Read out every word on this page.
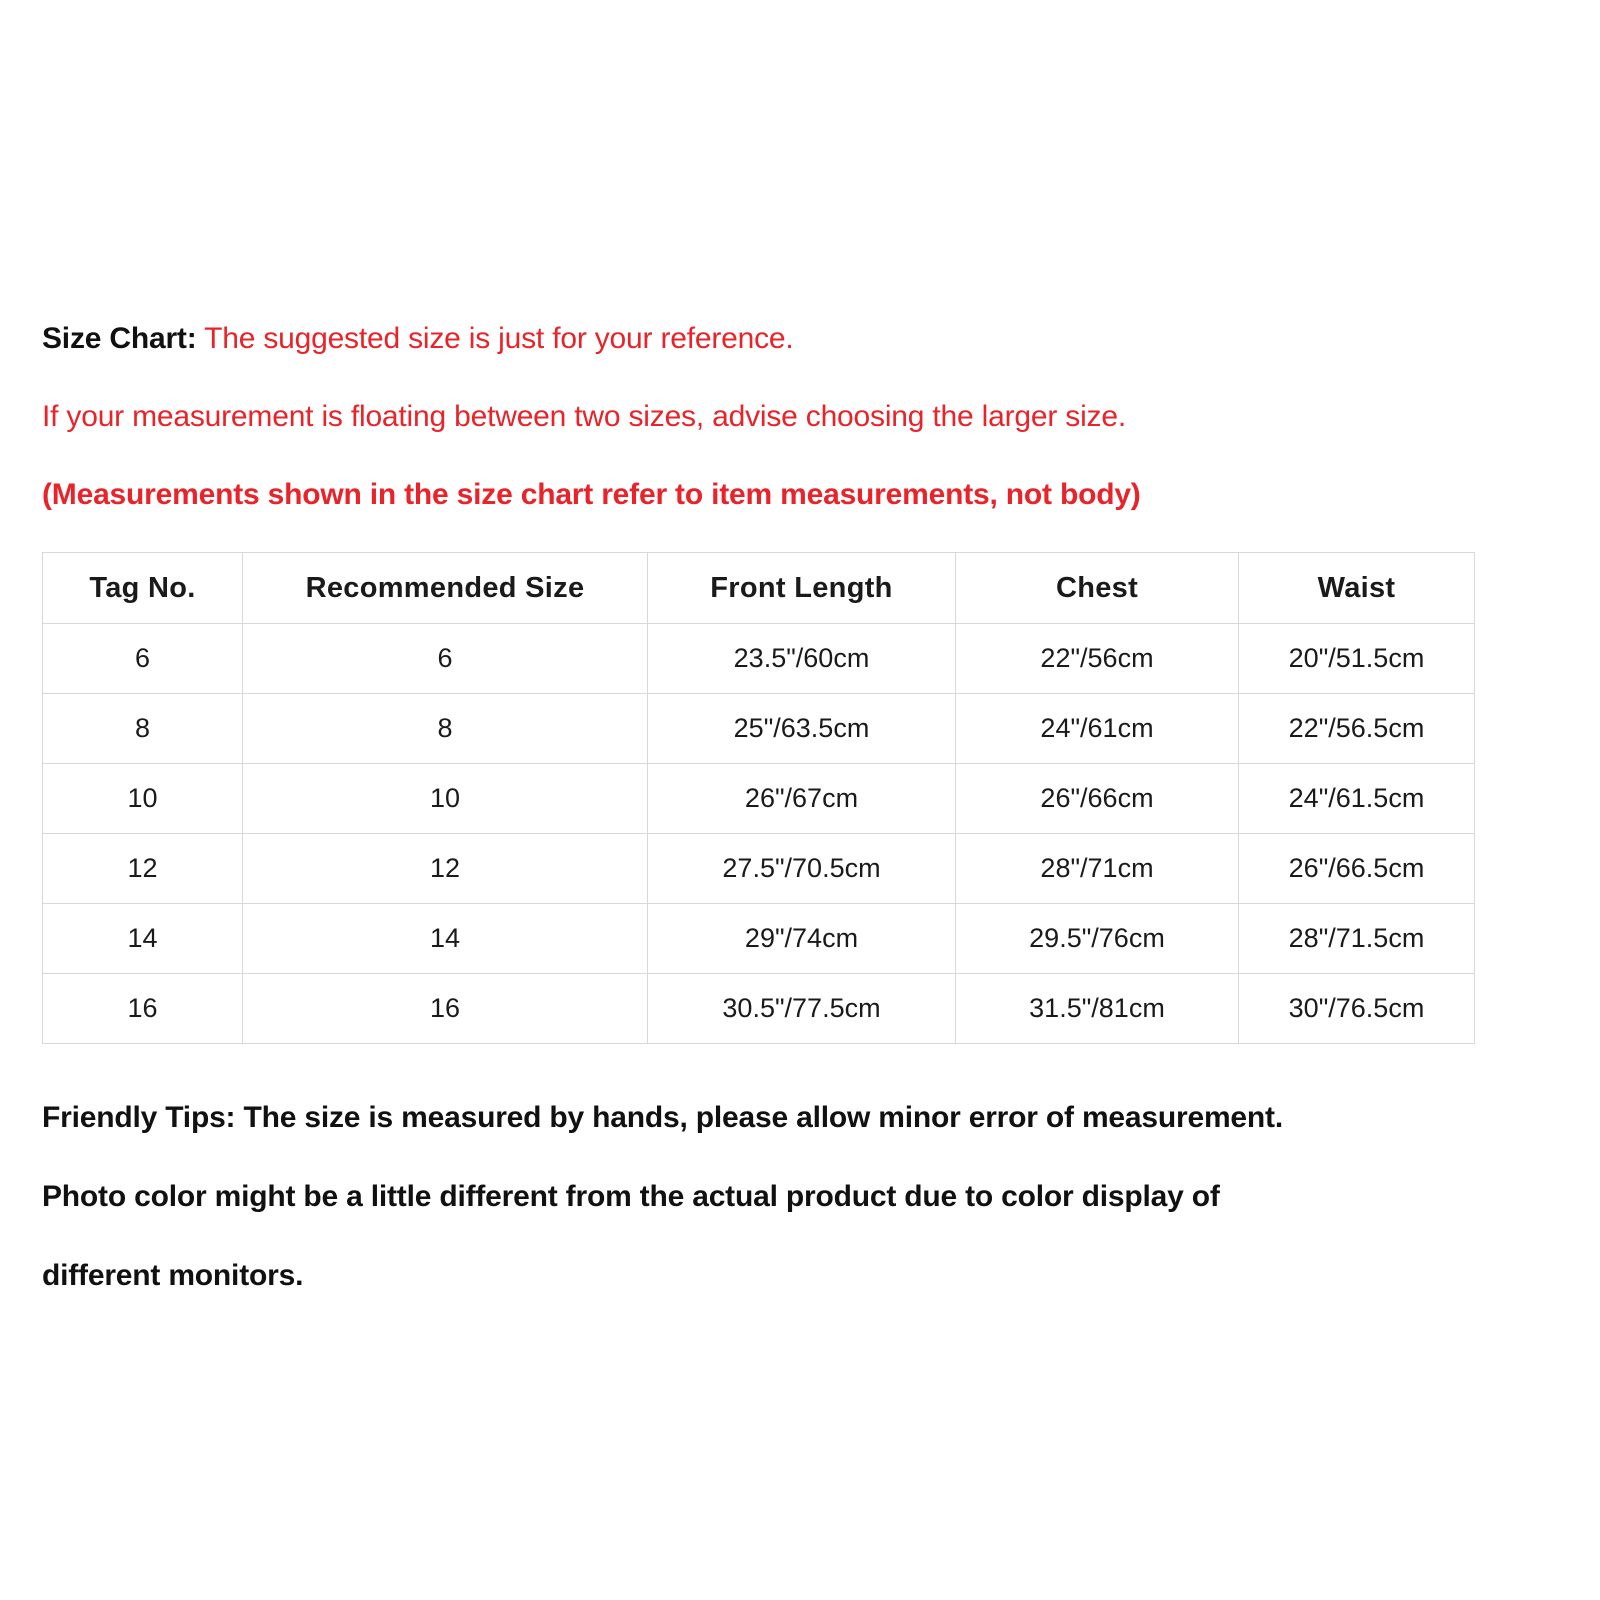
Size Chart: The suggested size is just for your reference.
If your measurement is floating between two sizes, advise choosing the larger size.
(Measurements shown in the size chart refer to item measurements, not body)
Tag No.	Recommended Size	Front Length	Chest	Waist
6	6	23.5"/60cm	22"/56cm	20"/51.5cm
8	8	25"/63.5cm	24"/61cm	22"/56.5cm
10	10	26"/67cm	26"/66cm	24"/61.5cm
12	12	27.5"/70.5cm	28"/71cm	26"/66.5cm
14	14	29"/74cm	29.5"/76cm	28"/71.5cm
16	16	30.5"/77.5cm	31.5"/81cm	30"/76.5cm
Friendly Tips: The size is measured by hands, please allow minor error of measurement.
Photo color might be a little different from the actual product due to color display of
different monitors.
